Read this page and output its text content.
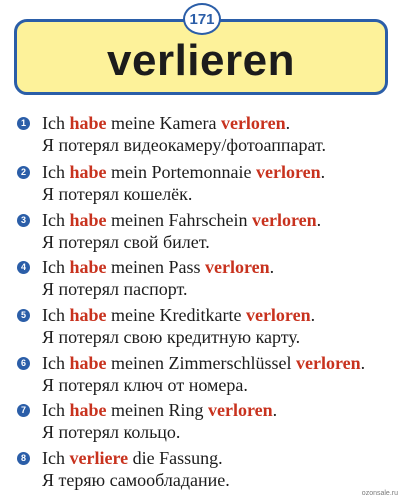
171
verlieren
1 Ich habe meine Kamera verloren.
Я потерял видеокамеру/фотоаппарат.
2 Ich habe mein Portemonnaie verloren.
Я потерял кошелёк.
3 Ich habe meinen Fahrschein verloren.
Я потерял свой билет.
4 Ich habe meinen Pass verloren.
Я потерял паспорт.
5 Ich habe meine Kreditkarte verloren.
Я потерял свою кредитную карту.
6 Ich habe meinen Zimmerschlüssel verloren.
Я потерял ключ от номера.
7 Ich habe meinen Ring verloren.
Я потерял кольцо.
8 Ich verliere die Fassung.
Я теряю самообладание.
ozonsale.ru
